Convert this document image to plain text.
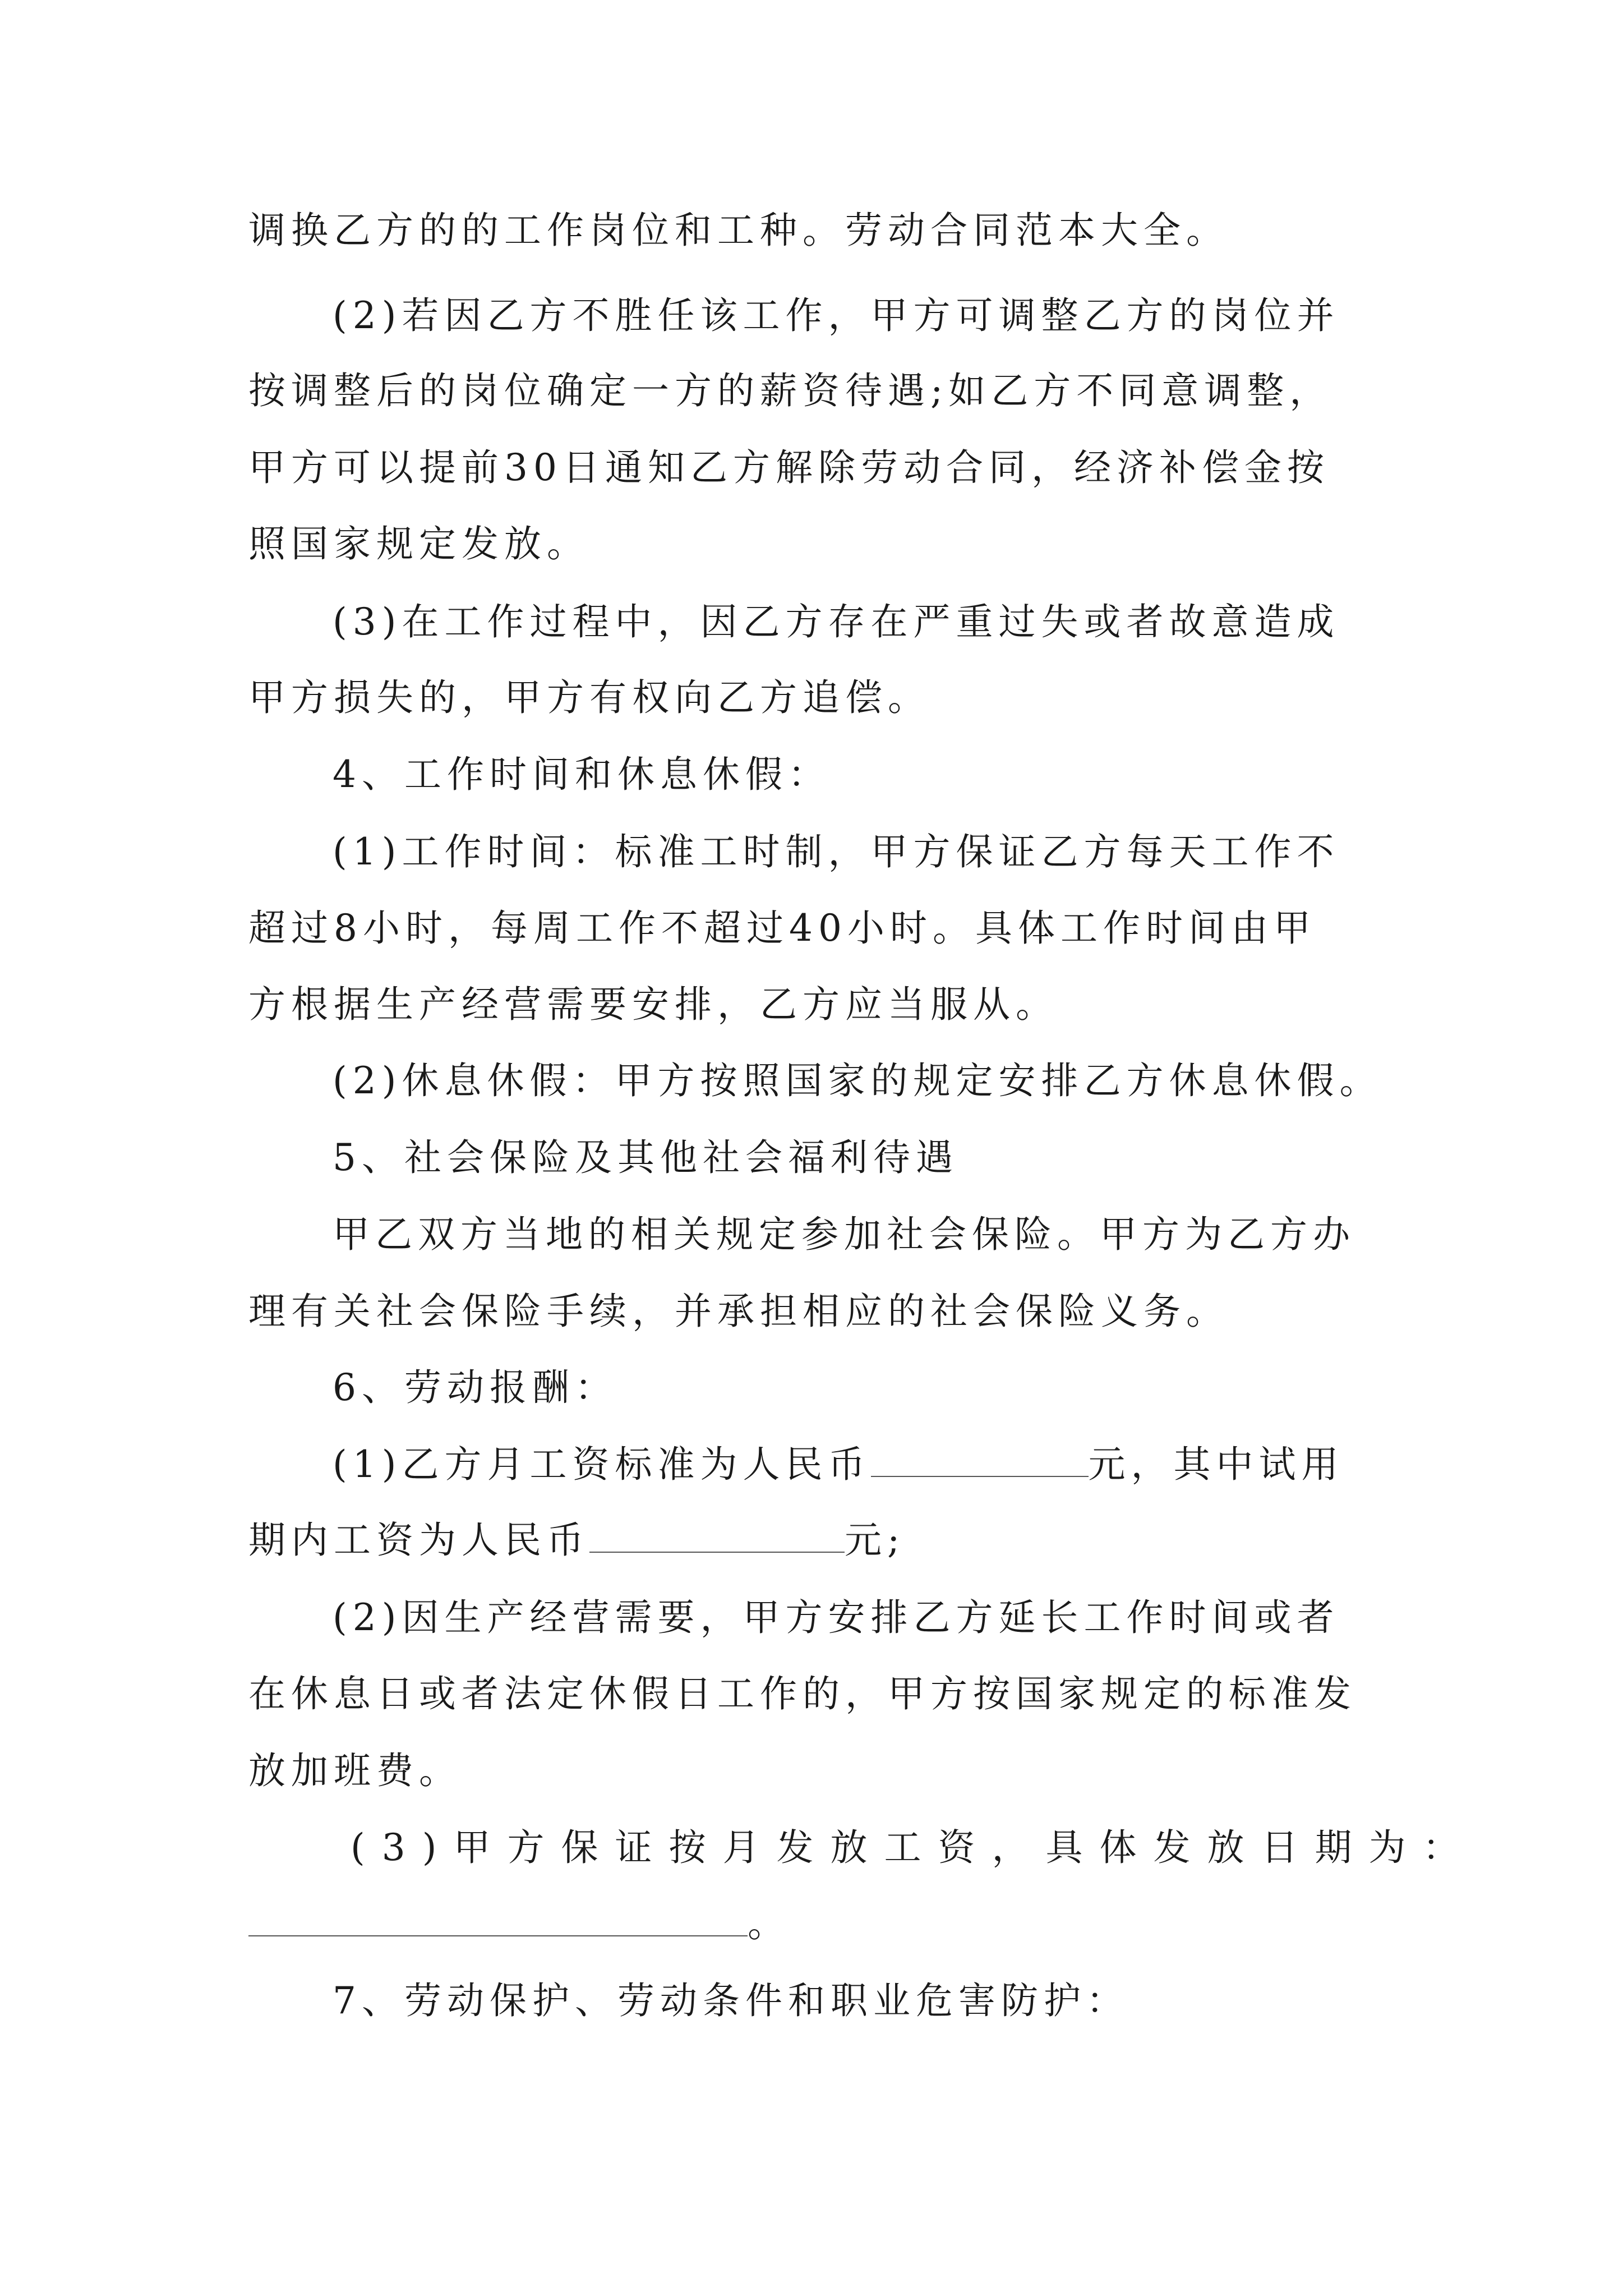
调换乙方的的工作岗位和工种。劳动合同范本大全。
(2)若因乙方不胜任该工作，甲方可调整乙方的岗位并
按调整后的岗位确定一方的薪资待遇;如乙方不同意调整，
甲方可以提前30日通知乙方解除劳动合同，经济补偿金按
照国家规定发放。
(3)在工作过程中，因乙方存在严重过失或者故意造成
甲方损失的，甲方有权向乙方追偿。
4、工作时间和休息休假：
(1)工作时间：标准工时制，甲方保证乙方每天工作不
超过8小时，每周工作不超过40小时。具体工作时间由甲
方根据生产经营需要安排，乙方应当服从。
(2)休息休假：甲方按照国家的规定安排乙方休息休假。
5、社会保险及其他社会福利待遇
甲乙双方当地的相关规定参加社会保险。甲方为乙方办
理有关社会保险手续，并承担相应的社会保险义务。
6、劳动报酬：
(1)乙方月工资标准为人民币	元，其中试用
期内工资为人民币	元;
(2)因生产经营需要，甲方安排乙方延长工作时间或者
在休息日或者法定休假日工作的，甲方按国家规定的标准发
放加班费。
(3)甲方保证按月发放工资，具体发放日期为：
。
7、劳动保护、劳动条件和职业危害防护：
